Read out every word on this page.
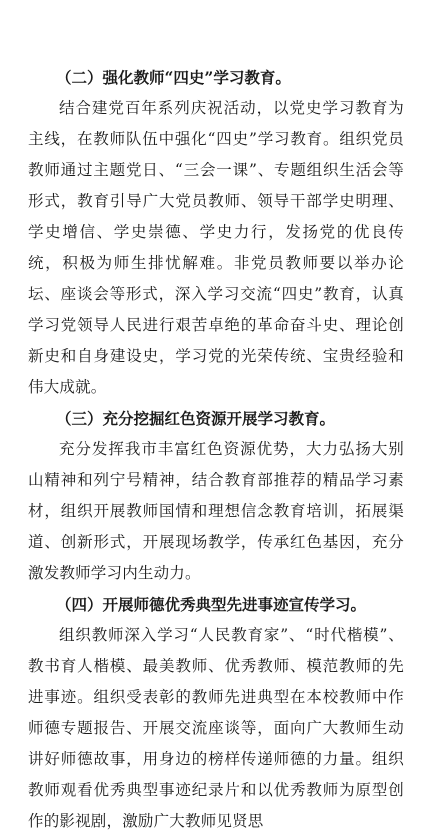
（二）强化教师“四史”学习教育。

结合建党百年系列庆祝活动，以党史学习教育为主线，在教师队伍中强化“四史”学习教育。组织党员教师通过主题党日、“三会一课”、专题组织生活会等形式，教育引导广大党员教师、领导干部学史明理、学史增信、学史崇德、学史力行，发扬党的优良传统，积极为师生排忧解难。非党员教师要以举办论坛、座谈会等形式，深入学习交流“四史”教育，认真学习党领导人民进行艰苦卓绝的革命奋斗史、理论创新史和自身建设史，学习党的光荣传统、宝贵经验和伟大成就。

（三）充分挖掘红色资源开展学习教育。

充分发挥我市丰富红色资源优势，大力弘扬大别山精神和列宁号精神，结合教育部推荐的精品学习素材，组织开展教师国情和理想信念教育培训，拓展渠道、创新形式，开展现场教学，传承红色基因，充分激发教师学习内生动力。

（四）开展师德优秀典型先进事迹宣传学习。

组织教师深入学习“人民教育家”、“时代楷模”、教书育人楷模、最美教师、优秀教师、模范教师的先进事迹。组织受表彰的教师先进典型在本校教师中作师德专题报告、开展交流座谈等，面向广大教师生动讲好师德故事，用身边的榜样传递师德的力量。组织教师观看优秀典型事迹纪录片和以优秀教师为原型创作的影视剧，激励广大教师见贤思
